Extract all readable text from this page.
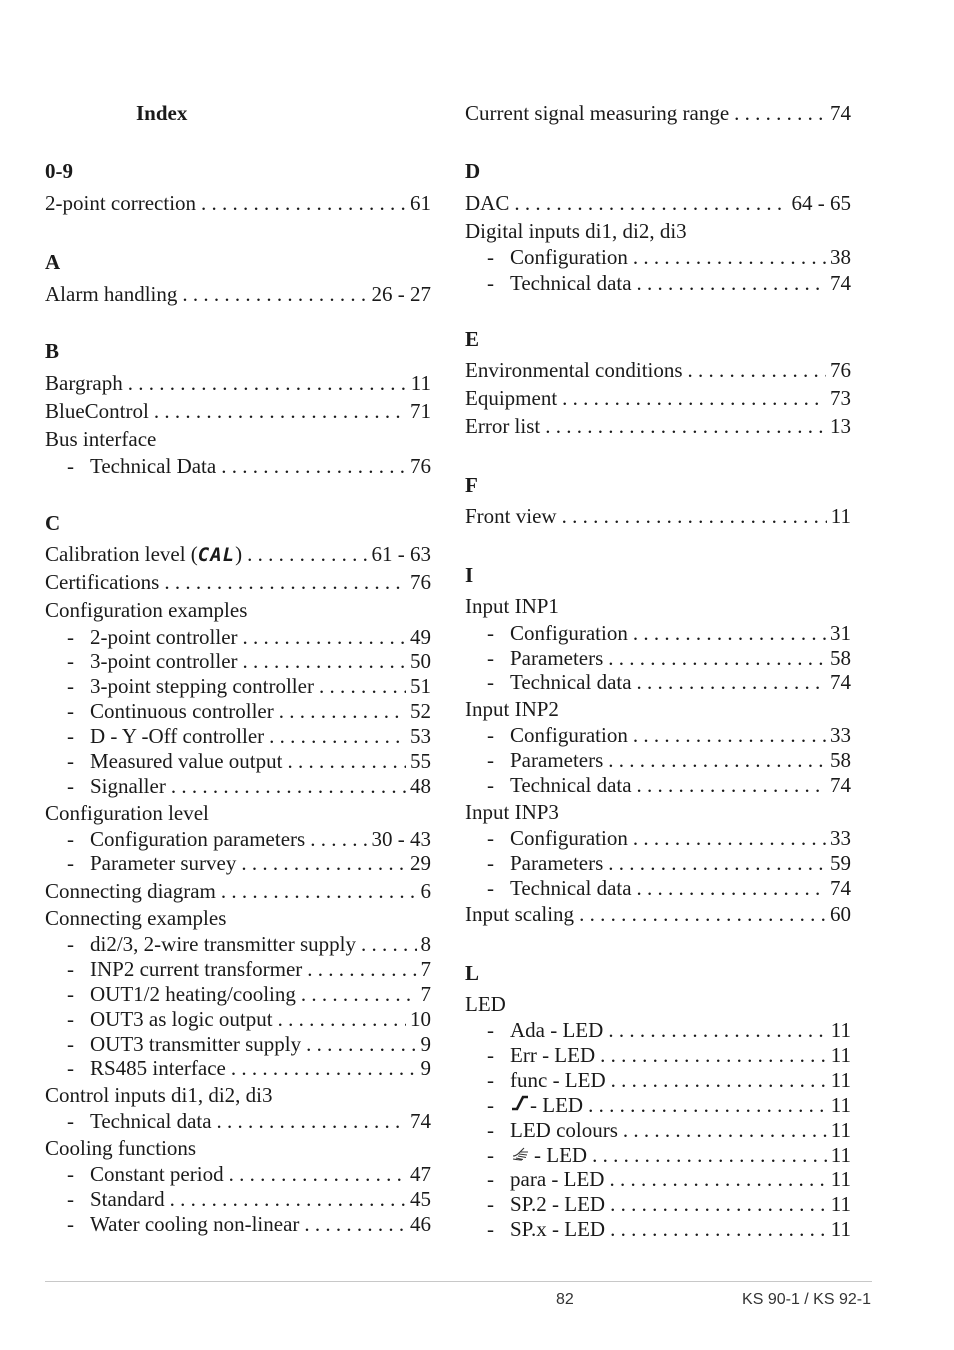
Index
0-9
2-point correction . . .	61
A
Alarm handling . . .	26 - 27
B
Bargraph . . .	11
BlueControl . . .	71
Bus interface
- Technical Data . . .	76
C
Calibration level ( CAL ) . . .	61 - 63
Certifications . . .	76
Configuration examples
- 2-point controller . . .	49
- 3-point controller . . .	50
- 3-point stepping controller . . .	51
- Continuous controller . . .	52
- D - Y -Off controller . . .	53
- Measured value output . . .	55
- Signaller . . .	48
Configuration level
- Configuration parameters . . .	30 - 43
- Parameter survey . . .	29
Connecting diagram . . .	6
Connecting examples
- di2/3, 2-wire transmitter supply . . .	8
- INP2 current transformer . . .	7
- OUT1/2 heating/cooling . . .	7
- OUT3 as logic output . . .	10
- OUT3 transmitter supply . . .	9
- RS485 interface . . .	9
Control inputs di1, di2, di3
- Technical data . . .	74
Cooling functions
- Constant period . . .	47
- Standard . . .	45
- Water cooling non-linear . . .	46
Current signal measuring range . . .	74
D
DAC . . .	64 - 65
Digital inputs di1, di2, di3
- Configuration . . .	38
- Technical data . . .	74
E
Environmental conditions . . .	76
Equipment . . .	73
Error list . . .	13
F
Front view . . .	11
I
Input INP1
- Configuration . . .	31
- Parameters . . .	58
- Technical data . . .	74
Input INP2
- Configuration . . .	33
- Parameters . . .	58
- Technical data . . .	74
Input INP3
- Configuration . . .	33
- Parameters . . .	59
- Technical data . . .	74
Input scaling . . .	60
L
LED
- Ada - LED . . .	11
- Err - LED . . .	11
- func - LED . . .	11
-	- LED . . .	11
- LED colours . . .	11
-	- LED . . .	11
- para - LED . . .	11
- SP.2 - LED . . .	11
- SP.x - LED . . .	11
82	KS 90-1 / KS 92-1
